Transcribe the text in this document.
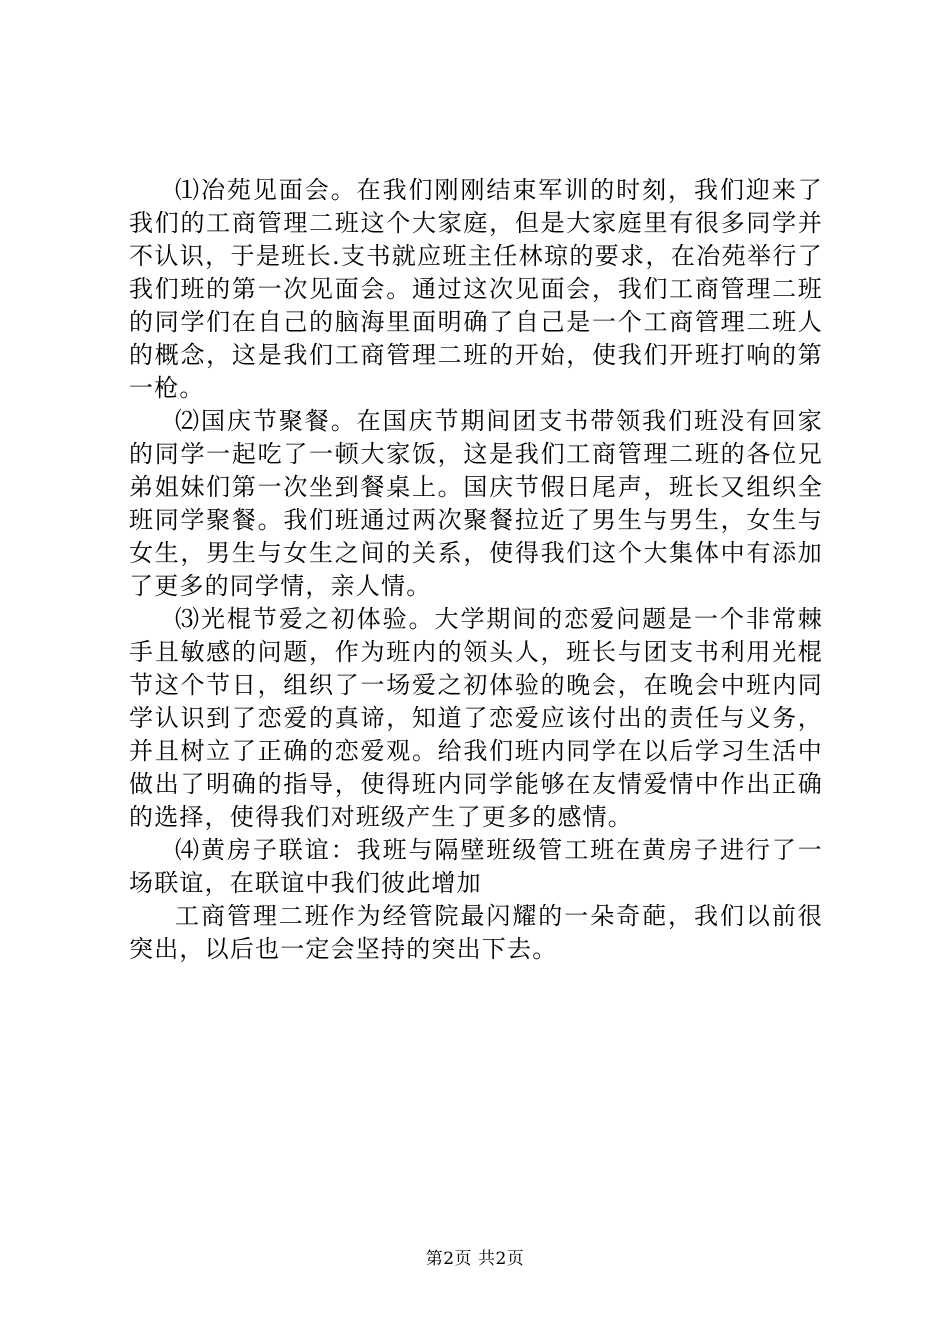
⑴冶苑见面会。在我们刚刚结束军训的时刻，我们迎来了我们的工商管理二班这个大家庭，但是大家庭里有很多同学并不认识，于是班长.支书就应班主任林琼的要求，在冶苑举行了我们班的第一次见面会。通过这次见面会，我们工商管理二班的同学们在自己的脑海里面明确了自己是一个工商管理二班人的概念，这是我们工商管理二班的开始，使我们开班打响的第一枪。

⑵国庆节聚餐。在国庆节期间团支书带领我们班没有回家的同学一起吃了一顿大家饭，这是我们工商管理二班的各位兄弟姐妹们第一次坐到餐桌上。国庆节假日尾声，班长又组织全班同学聚餐。我们班通过两次聚餐拉近了男生与男生，女生与女生，男生与女生之间的关系，使得我们这个大集体中有添加了更多的同学情，亲人情。

⑶光棍节爱之初体验。大学期间的恋爱问题是一个非常棘手且敏感的问题，作为班内的领头人，班长与团支书利用光棍节这个节日，组织了一场爱之初体验的晚会，在晚会中班内同学认识到了恋爱的真谛，知道了恋爱应该付出的责任与义务，并且树立了正确的恋爱观。给我们班内同学在以后学习生活中做出了明确的指导，使得班内同学能够在友情爱情中作出正确的选择，使得我们对班级产生了更多的感情。

⑷黄房子联谊：我班与隔壁班级管工班在黄房子进行了一场联谊，在联谊中我们彼此增加

工商管理二班作为经管院最闪耀的一朵奇葩，我们以前很突出，以后也一定会坚持的突出下去。

第2页 共2页
